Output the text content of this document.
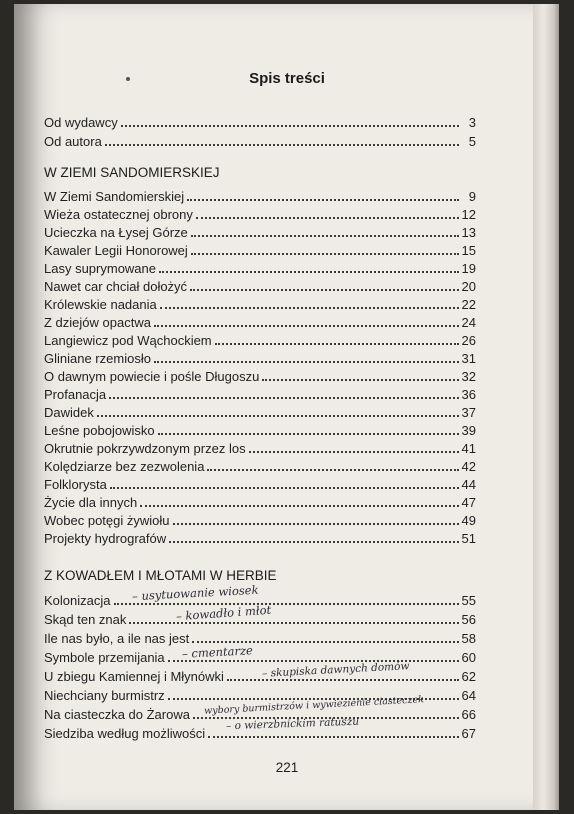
Spis treści
Od wydawcy	3
Od autora	5
W ZIEMI SANDOMIERSKIEJ
W Ziemi Sandomierskiej	9
Wieża ostatecznej obrony	12
Ucieczka na Łysej Górze	13
Kawaler Legii Honorowej	15
Lasy suprymowane	19
Nawet car chciał dołożyć	20
Królewskie nadania	22
Z dziejów opactwa	24
Langiewicz pod Wąchockiem	26
Gliniane rzemiosło	31
O dawnym powiecie i pośle Długoszu	32
Profanacja	36
Dawidek	37
Leśne pobojowisko	39
Okrutnie pokrzywdzonym przez los	41
Kolędziarze bez zezwolenia	42
Folklorysta	44
Życie dla innych	47
Wobec potęgi żywiołu	49
Projekty hydrografów	51
Z KOWADŁEM I MŁOTAMI W HERBIE
Kolonizacja	55
Skąd ten znak	56
Ile nas było, a ile nas jest	58
Symbole przemijania	60
U zbiegu Kamiennej i Młynówki	62
Niechciany burmistrz	64
Na ciasteczka do Żarowa	66
Siedziba według możliwości	67
– usytuowanie wiosek
– kowadło i młot
– cmentarze
– skupiska dawnych domów
wybory burmistrzów i wywiezienie ciasteczek
– o wierzbnickim ratuszu
221
